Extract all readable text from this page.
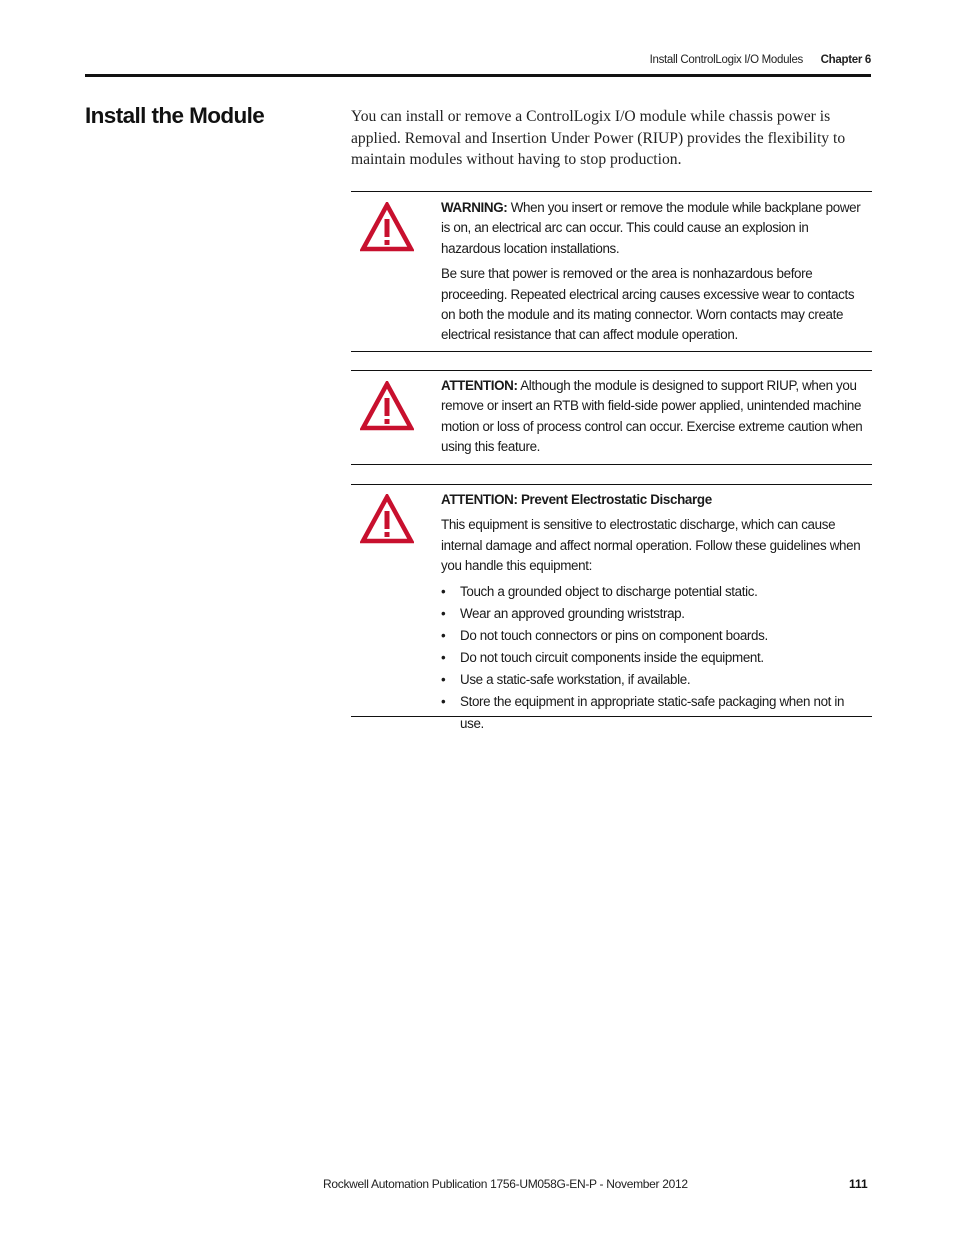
Install ControlLogix I/O Modules Chapter 6
Install the Module	You can install or remove a ControlLogix I/O module while chassis power is applied. Removal and Insertion Under Power (RIUP) provides the flexibility to maintain modules without having to stop production.

WARNING: When you insert or remove the module while backplane power is on, an electrical arc can occur. This could cause an explosion in hazardous location installations.

Be sure that power is removed or the area is nonhazardous before proceeding. Repeated electrical arcing causes excessive wear to contacts on both the module and its mating connector. Worn contacts may create electrical resistance that can affect module operation.

ATTENTION: Although the module is designed to support RIUP, when you remove or insert an RTB with field-side power applied, unintended machine motion or loss of process control can occur. Exercise extreme caution when using this feature.

ATTENTION: Prevent Electrostatic Discharge

This equipment is sensitive to electrostatic discharge, which can cause internal damage and affect normal operation. Follow these guidelines when you handle this equipment:

• Touch a grounded object to discharge potential static.
• Wear an approved grounding wriststrap.
• Do not touch connectors or pins on component boards.
• Do not touch circuit components inside the equipment.
• Use a static-safe workstation, if available.
• Store the equipment in appropriate static-safe packaging when not in use.
Rockwell Automation Publication 1756-UM058G-EN-P - November 2012	111
